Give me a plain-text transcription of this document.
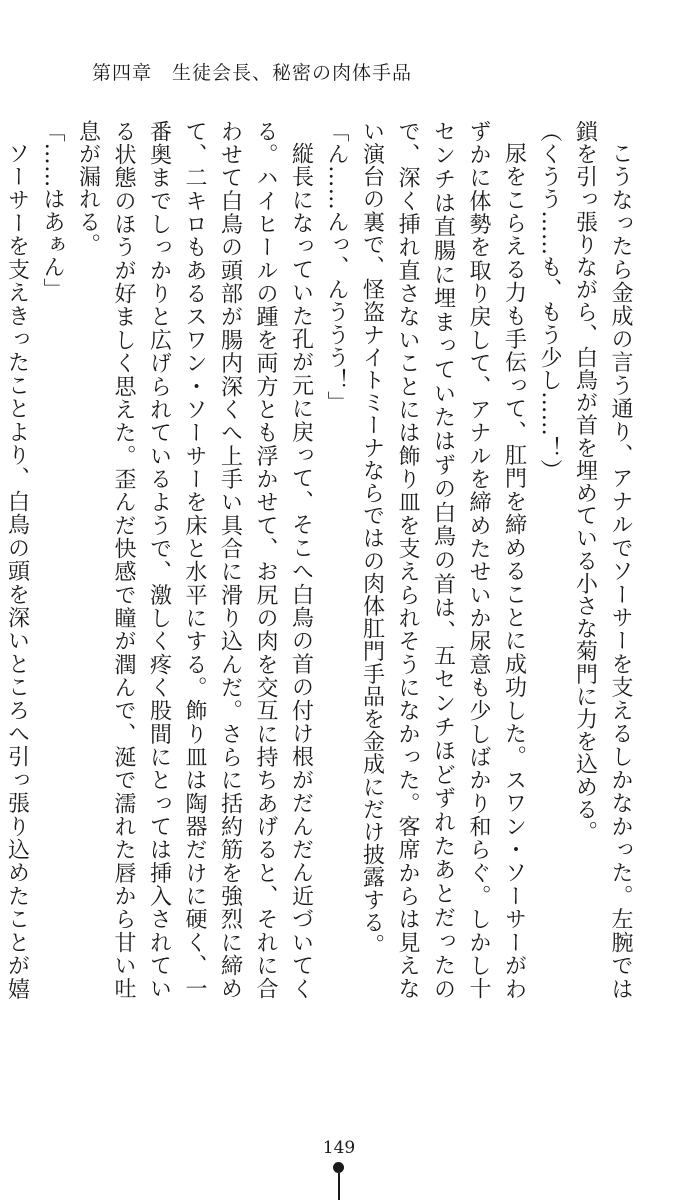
第四章　生徒会長、秘密の肉体手品

こうなったら金成の言う通り、アナルでソーサーを支えるしかなかった。左腕では鎖を引っ張りながら、白鳥が首を埋めている小さな菊門に力を込める。

（くうう……も、もう少し……！）

尿をこらえる力も手伝って、肛門を締めることに成功した。スワン・ソーサーがわずかに体勢を取り戻して、アナルを締めたせいか尿意も少しばかり和らぐ。しかし十センチは直腸に埋まっていたはずの白鳥の首は、五センチほどずれたあとだったので、深く挿れ直さないことには飾り皿を支えられそうになかった。客席からは見えない演台の裏で、怪盗ナイトミーナならではの肉体肛門手品を金成にだけ披露する。

「ん……んっ、んううう！」

縦長になっていた孔が元に戻って、そこへ白鳥の首の付け根がだんだん近づいてくる。ハイヒールの踵を両方とも浮かせて、お尻の肉を交互に持ちあげると、それに合わせて白鳥の頭部が腸内深くへ上手い具合に滑り込んだ。さらに括約筋を強烈に締めて、二キロもあるスワン・ソーサーを床と水平にする。飾り皿は陶器だけに硬く、一番奥までしっかりと広げられているようで、激しく疼く股間にとっては挿入されている状態のほうが好ましく思えた。歪んだ快感で瞳が潤んで、涎で濡れた唇から甘い吐息が漏れる。

「……はあぁん」

ソーサーを支えきったことより、白鳥の頭を深いところへ引っ張り込めたことが嬉

149
